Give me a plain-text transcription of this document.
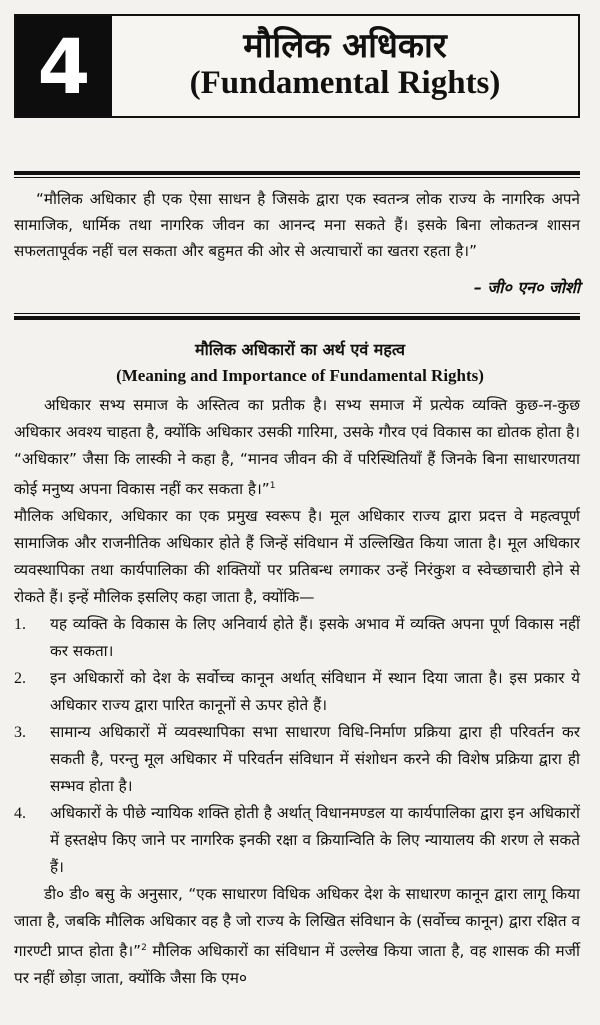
4	मौलिक अधिकार
(Fundamental Rights)
“मौलिक अधिकार ही एक ऐसा साधन है जिसके द्वारा एक स्वतन्त्र लोक राज्य के नागरिक अपने सामाजिक, धार्मिक तथा नागरिक जीवन का आनन्द मना सकते हैं। इसके बिना लोकतन्त्र शासन सफलतापूर्वक नहीं चल सकता और बहुमत की ओर से अत्याचारों का खतरा रहता है।”
– जी० एन० जोशी
मौलिक अधिकारों का अर्थ एवं महत्व
(Meaning and Importance of Fundamental Rights)

अधिकार सभ्य समाज के अस्तित्व का प्रतीक है। सभ्य समाज में प्रत्येक व्यक्ति कुछ-न-कुछ अधिकार अवश्य चाहता है, क्योंकि अधिकार उसकी गारिमा, उसके गौरव एवं विकास का द्योतक होता है। “अधिकार” जैसा कि लास्की ने कहा है, “मानव जीवन की वें परिस्थितियाँ हैं जिनके बिना साधारणतया कोई मनुष्य अपना विकास नहीं कर सकता है।”$^1$

मौलिक अधिकार, अधिकार का एक प्रमुख स्वरूप है। मूल अधिकार राज्य द्वारा प्रदत्त वे महत्वपूर्ण सामाजिक और राजनीतिक अधिकार होते हैं जिन्हें संविधान में उल्लिखित किया जाता है। मूल अधिकार व्यवस्थापिका तथा कार्यपालिका की शक्तियों पर प्रतिबन्ध लगाकर उन्हें निरंकुश व स्वेच्छाचारी होने से रोकते हैं। इन्हें मौलिक इसलिए कहा जाता है, क्योंकि—

1.	यह व्यक्ति के विकास के लिए अनिवार्य होते हैं। इसके अभाव में व्यक्ति अपना पूर्ण विकास नहीं कर सकता।
2.	इन अधिकारों को देश के सर्वोच्च कानून अर्थात् संविधान में स्थान दिया जाता है। इस प्रकार ये अधिकार राज्य द्वारा पारित कानूनों से ऊपर होते हैं।
3.	सामान्य अधिकारों में व्यवस्थापिका सभा साधारण विधि-निर्माण प्रक्रिया द्वारा ही परिवर्तन कर सकती है, परन्तु मूल अधिकार में परिवर्तन संविधान में संशोधन करने की विशेष प्रक्रिया द्वारा ही सम्भव होता है।
4.	अधिकारों के पीछे न्यायिक शक्ति होती है अर्थात् विधानमण्डल या कार्यपालिका द्वारा इन अधिकारों में हस्तक्षेप किए जाने पर नागरिक इनकी रक्षा व क्रियान्विति के लिए न्यायालय की शरण ले सकते हैं।

डी० डी० बसु के अनुसार, “एक साधारण विधिक अधिकर देश के साधारण कानून द्वारा लागू किया जाता है, जबकि मौलिक अधिकार वह है जो राज्य के लिखित संविधान के (सर्वोच्च कानून) द्वारा रक्षित व गारण्टी प्राप्त होता है।”$^2$ मौलिक अधिकारों का संविधान में उल्लेख किया जाता है, वह शासक की मर्जी पर नहीं छोड़ा जाता, क्योंकि जैसा कि एम०
